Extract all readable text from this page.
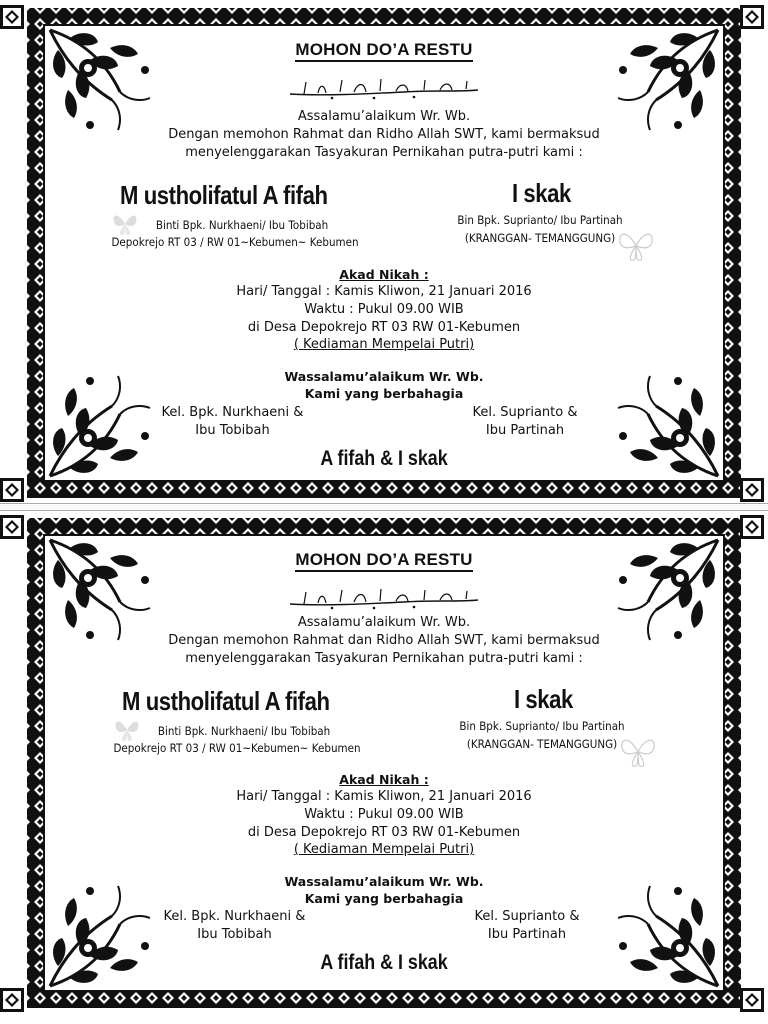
MOHON DO’A RESTU
Assalamu’alaikum Wr. Wb.
Dengan memohon Rahmat dan Ridho Allah SWT, kami bermaksud
menyelenggarakan Tasyakuran Pernikahan putra-putri kami :
M ustholifatul A fifah	I skak
Binti Bpk. Nurkhaeni/ Ibu Tobibah
Depokrejo RT 03 / RW 01~Kebumen~ Kebumen
Bin Bpk. Suprianto/ Ibu Partinah
(KRANGGAN- TEMANGGUNG)
Akad Nikah :
Hari/ Tanggal : Kamis Kliwon, 21 Januari 2016
Waktu : Pukul 09.00 WIB
di Desa Depokrejo RT 03 RW 01-Kebumen
( Kediaman Mempelai Putri)
Wassalamu’alaikum Wr. Wb.
Kami yang berbahagia
Kel. Bpk. Nurkhaeni &
Ibu Tobibah
Kel. Suprianto &
Ibu Partinah
A fifah & I skak
MOHON DO’A RESTU
Assalamu’alaikum Wr. Wb.
Dengan memohon Rahmat dan Ridho Allah SWT, kami bermaksud
menyelenggarakan Tasyakuran Pernikahan putra-putri kami :
M ustholifatul A fifah	I skak
Binti Bpk. Nurkhaeni/ Ibu Tobibah
Depokrejo RT 03 / RW 01~Kebumen~ Kebumen
Bin Bpk. Suprianto/ Ibu Partinah
(KRANGGAN- TEMANGGUNG)
Akad Nikah :
Hari/ Tanggal : Kamis Kliwon, 21 Januari 2016
Waktu : Pukul 09.00 WIB
di Desa Depokrejo RT 03 RW 01-Kebumen
( Kediaman Mempelai Putri)
Wassalamu’alaikum Wr. Wb.
Kami yang berbahagia
Kel. Bpk. Nurkhaeni &
Ibu Tobibah
Kel. Suprianto &
Ibu Partinah
A fifah & I skak
